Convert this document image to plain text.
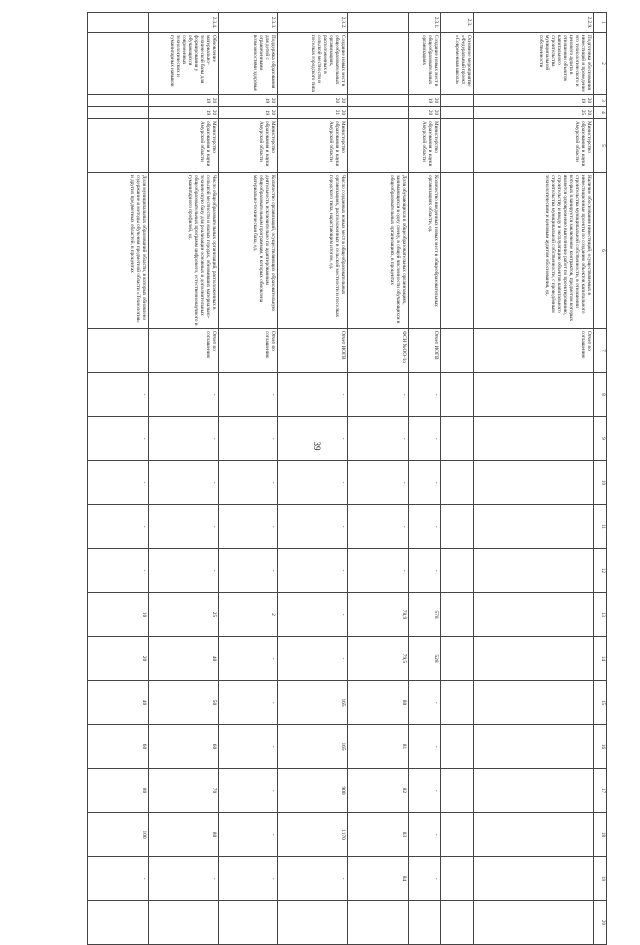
39
1	2	3	4	5	6	7	8	9	10	11	12	13	14	15	16	17	18	19	20
2.2.9.	Подготовка обоснования инвестиций и проведение его технологического и ценового аудита в отношении объектов капитального строительства муниципальной собственности	2019	2025	Министерство образования и науки Амурской области	Наличие обоснования инвестиций, осуществляемых в инвестиционные проекты по созданию объектов капитального строительства муниципальной собственности, в отношении которых планируется заключение контрактов, предметом которых является одновременно выполнение работ по проектированию, строительству и вводу в эксплуатацию объектов капитального строительства муниципальной собственности, с проведённым технологическим и ценовым аудитом обоснования, ед.	Отчет по соглашению													
2.3.	Основное мероприятие «Федеральный проект «Современная школа»																		
2.3.1.	Создание новых мест в общеобразовательных организациях	2019	2020	Министерство образования и науки Амурской области	Количество введенных новых мест в общеобразовательных организациях области, ед.	Отчет ИОГВ	-	-	-	-	-	578	528	-	-	-	-	-	
					Доля обучающихся в общеобразовательных организациях, занимающихся в одну смену, в общей численности обучающихся в общеобразовательных организациях, в процентах	ФСН №ОО-1о	-	-	-	-	-	78,9	79,5	80	81	82	83	84	
2.3.2.	Создание новых мест в общеобразовательных организациях, расположенных в сельской местности и поселках городского типа	2020	2021	Министерство образования и науки Амурской области	Число созданных новых мест в общеобразовательных организациях, расположенных в сельской местности и поселках городского типа, нарастающим итогом, ед.	Отчет ИОГВ	-	-	-	-	-	-	-	165	165	900	1170	-	
2.3.3.	Поддержка образования для детей с ограниченными возможностями здоровья	2019	2019	Министерство образования и науки Амурской области	Количество организаций, осуществляющих образовательную деятельность исключительно по адаптированным общеобразовательным программам, в которых обновлена материально-техническая база, ед.	Отчет по соглашению	-	-	-	-	-	2	-	-	-	-	-	-	
2.3.4.	Обновление материально-технической базы для формирования у обучающихся современных технологических и гуманитарных навыков	2019	2019	Министерство образования и науки Амурской области	Число общеобразовательных организаций, расположенных в сельской местности и малых городах, обновивших материально-техническую базу для реализации основных и дополнительных общеобразовательных программ цифрового, естественнонаучного и гуманитарного профилей, ед.	Отчет по соглашению	-	-	-	-	-	25	40	50	60	70	80	-	
					Доля муниципальных образований области, в которых обновлено содержание и методы обучения предметной области «Технология» и других предметных областей, в процентах		-	-	-	-	-	10	20	40	60	80	100	-	
